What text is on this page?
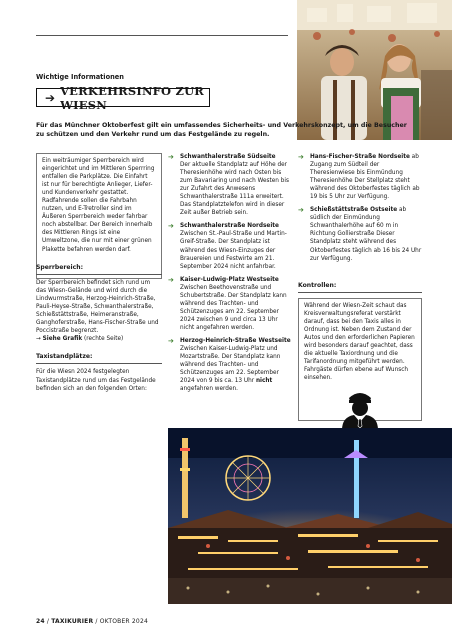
Wichtige Informationen
➔ VERKEHRSINFO ZUR WIESN
Für das Münchner Oktoberfest gilt ein umfassendes Sicherheits- und Verkehrskonzept, um die Besucher zu schützen und den Verkehr rund um das Festgelände zu regeln.
Ein weiträumiger Sperrbereich wird eingerichtet und im Mittleren Sperrring entfallen die Parkplätze. Die Einfahrt ist nur für berechtigte Anlieger, Liefer- und Kundenverkehr gestattet. Radfahrende sollen die Fahrbahn nutzen, und E-Tretroller sind im Äußeren Sperrbereich weder fahrbar noch abstellbar. Der Bereich innerhalb des Mittleren Rings ist eine Umweltzone, die nur mit einer grünen Plakette befahren werden darf.
Sperrbereich:
Der Sperrbereich befindet sich rund um das Wiesn-Gelände und wird durch die Lindwurmstraße, Herzog-Heinrich-Straße, Pauli-Heyse-Straße, Schwanthalerstraße, Schießstättstraße, Heimeranstraße, Ganghoferstraße, Hans-Fischer-Straße und Poccistraße begrenzt.
→ Siehe Grafik (rechte Seite)
Taxistandplätze:
Für die Wiesn 2024 festgelegten Taxistandplätze rund um das Festgelände befinden sich an den folgenden Orten:
➔ Schwanthalerstraße Südseite
Der aktuelle Standplatz auf Höhe der Theresienhöhe wird nach Osten bis zum Bavariaring und nach Westen bis zur Zufahrt des Anwesens Schwanthalerstraße 111a erweitert. Das Standplatztelefon wird in dieser Zeit außer Betrieb sein.
➔ Schwanthalerstraße Nordseite
Zwischen St.-Paul-Straße und Martin-Greif-Straße. Der Standplatz ist während des Wiesn-Einzuges der Brauereien und Festwirte am 21. September 2024 nicht anfahrbar.
➔ Kaiser-Ludwig-Platz Westseite
Zwischen Beethovenstraße und Schubertstraße. Der Standplatz kann während des Trachten- und Schützenzuges am 22. September 2024 zwischen 9 und circa 13 Uhr nicht angefahren werden.
➔ Herzog-Heinrich-Straße Westseite
Zwischen Kaiser-Ludwig-Platz und Mozartstraße. Der Standplatz kann während des Trachten- und Schützenzuges am 22. September 2024 von 9 bis ca. 13 Uhr nicht angefahren werden.
➔ Hans-Fischer-Straße Nordseite ab Zugang zum Südteil der Theresienwiese bis Einmündung Theresienhöhe Der Stellplatz steht während des Oktoberfestes täglich ab 19 bis 5 Uhr zur Verfügung.
➔ Schießstättstraße Ostseite ab südlich der Einmündung Schwanthalerhöhe auf 60 m in Richtung Gollierstraße Dieser Standplatz steht während des Oktoberfestes täglich ab 16 bis 24 Uhr zur Verfügung.
Kontrollen:
Während der Wiesn-Zeit schaut das Kreisverwaltungsreferat verstärkt darauf, dass bei den Taxis alles in Ordnung ist. Neben dem Zustand der Autos und den erforderlichen Papieren wird besonders darauf geachtet, dass die aktuelle Taxiordnung und die Tarifanordnung mitgeführt werden. Fahrgäste dürfen ebene auf Wunsch einsehen.
24 / TAXIKURIER / OKTOBER 2024
